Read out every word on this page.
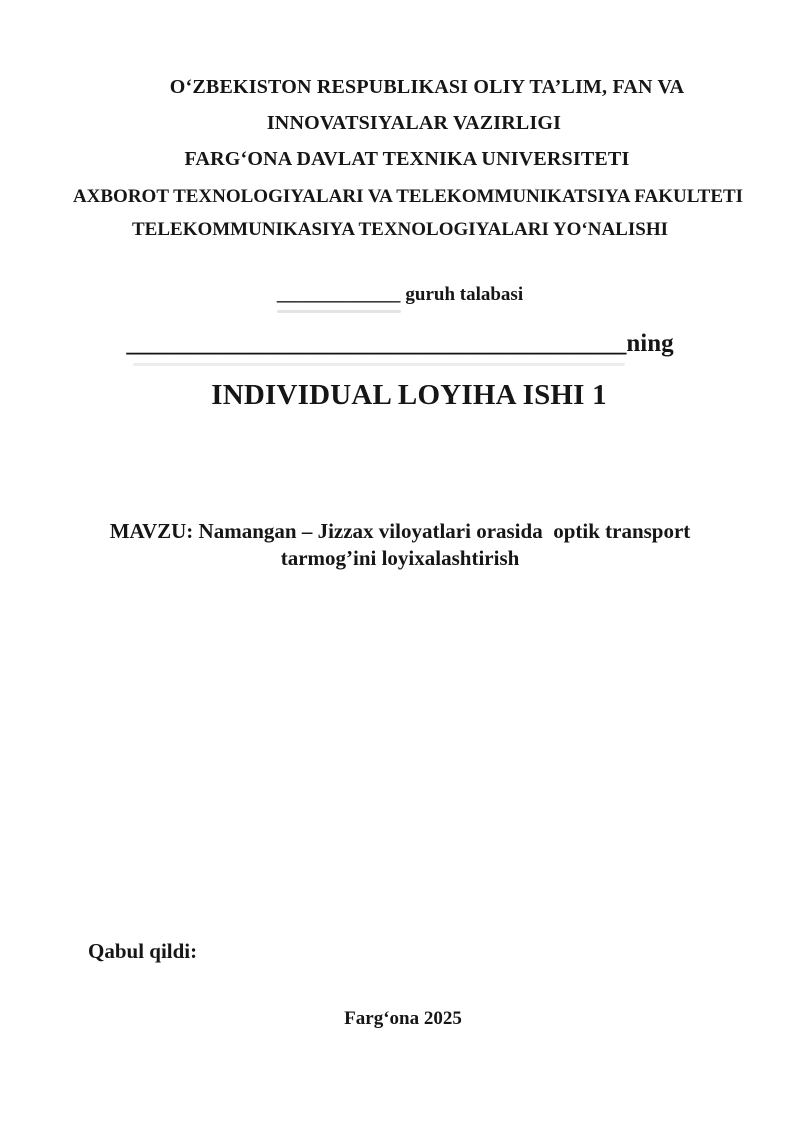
O‘ZBEKISTON RESPUBLIKASI OLIY TA’LIM, FAN VA
INNOVATSIYALAR VAZIRLIGI
FARG‘ONA DAVLAT TEXNIKA UNIVERSITETI
AXBOROT TEXNOLOGIYALARI VA TELEKOMMUNIKATSIYA FAKULTETI
TELEKOMMUNIKASIYA TEXNOLOGIYALARI YO‘NALISHI
_____________ guruh talabasi
________________________________________ning
INDIVIDUAL LOYIHA ISHI 1
MAVZU: Namangan – Jizzax viloyatlari orasida  optik transport
tarmog’ini loyixalashtirish
Qabul qildi:
Farg‘ona 2025
